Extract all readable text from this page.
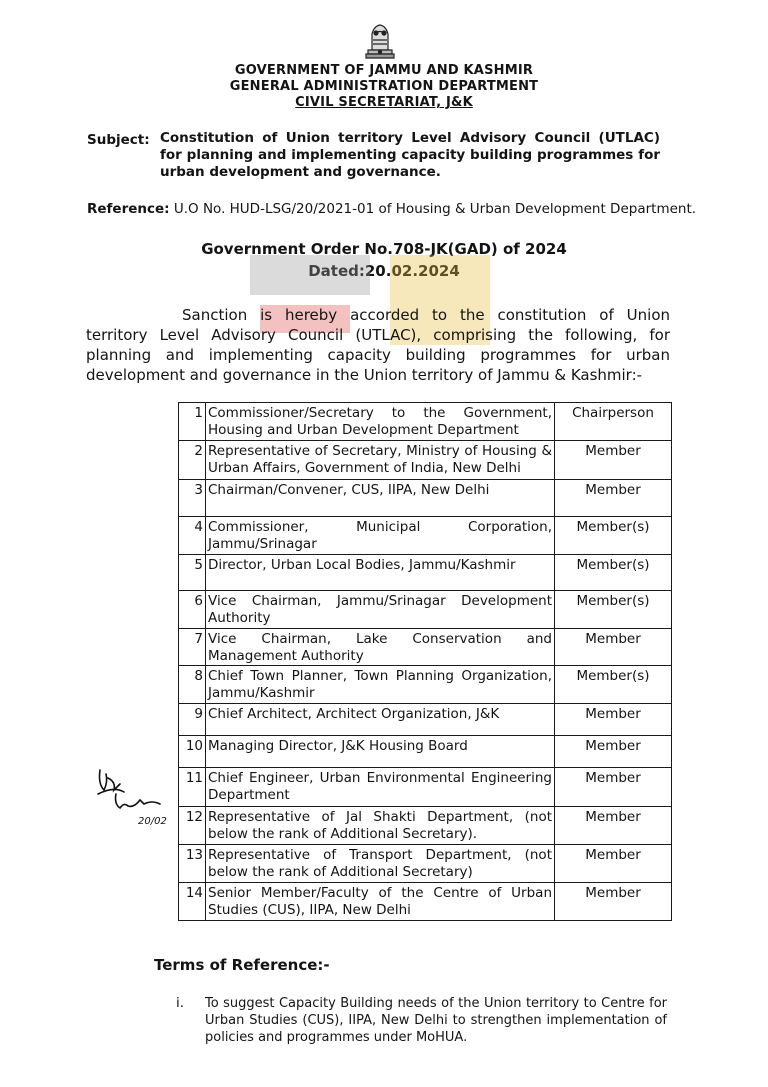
GOVERNMENT OF JAMMU AND KASHMIR
GENERAL ADMINISTRATION DEPARTMENT
CIVIL SECRETARIAT, J&K
Subject: Constitution of Union territory Level Advisory Council (UTLAC) for planning and implementing capacity building programmes for urban development and governance.
Reference: U.O No. HUD-LSG/20/2021-01 of Housing & Urban Development Department.
Government Order No.708-JK(GAD) of 2024
Dated:20.02.2024
Sanction is hereby accorded to the constitution of Union territory Level Advisory Council (UTLAC), comprising the following, for planning and implementing capacity building programmes for urban development and governance in the Union territory of Jammu & Kashmir:-
1	Commissioner/Secretary to the Government, Housing and Urban Development Department	Chairperson
2	Representative of Secretary, Ministry of Housing & Urban Affairs, Government of India, New Delhi	Member
3	Chairman/Convener, CUS, IIPA, New Delhi	Member
4	Commissioner, Municipal Corporation, Jammu/Srinagar	Member(s)
5	Director, Urban Local Bodies, Jammu/Kashmir	Member(s)
6	Vice Chairman, Jammu/Srinagar Development Authority	Member(s)
7	Vice Chairman, Lake Conservation and Management Authority	Member
8	Chief Town Planner, Town Planning Organization, Jammu/Kashmir	Member(s)
9	Chief Architect, Architect Organization, J&K	Member
10	Managing Director, J&K Housing Board	Member
11	Chief Engineer, Urban Environmental Engineering Department	Member
12	Representative of Jal Shakti Department, (not below the rank of Additional Secretary).	Member
13	Representative of Transport Department, (not below the rank of Additional Secretary)	Member
14	Senior Member/Faculty of the Centre of Urban Studies (CUS), IIPA, New Delhi	Member
20/02
Terms of Reference:-
i. To suggest Capacity Building needs of the Union territory to Centre for Urban Studies (CUS), IIPA, New Delhi to strengthen implementation of policies and programmes under MoHUA.
